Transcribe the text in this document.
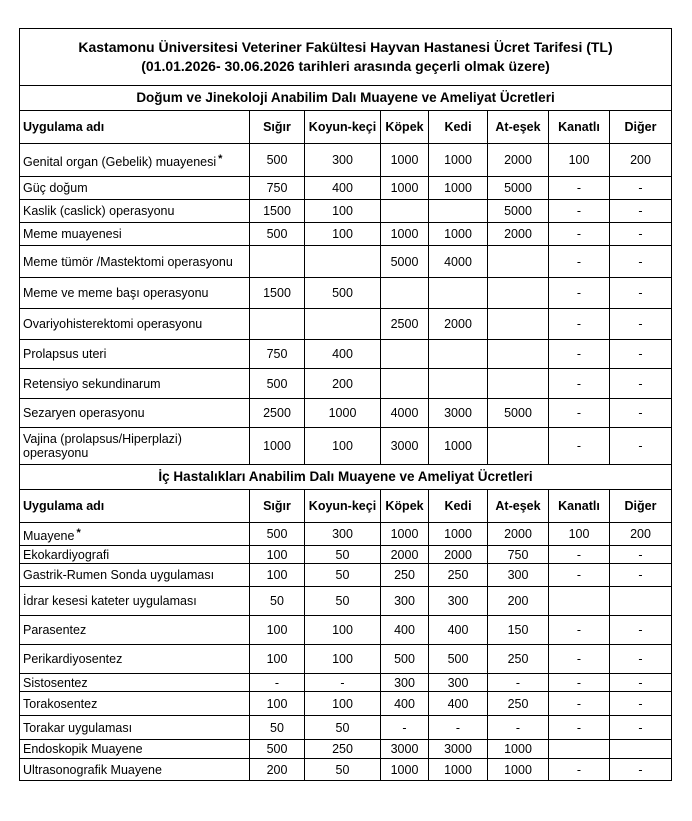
Kastamonu Üniversitesi Veteriner Fakültesi Hayvan Hastanesi Ücret Tarifesi (TL)
(01.01.2026- 30.06.2026 tarihleri arasında geçerli olmak üzere)							

Doğum ve Jinekoloji Anabilim Dalı Muayene ve Ameliyat Ücretleri							
Uygulama adı	Sığır	Koyun-keçi	Köpek	Kedi	At-eşek	Kanatlı	Diğer
Genital organ (Gebelik) muayenesi *	500	300	1000	1000	2000	100	200
Güç doğum	750	400	1000	1000	5000	-	-
Kaslik (caslick) operasyonu	1500	100			5000	-	-
Meme muayenesi	500	100	1000	1000	2000	-	-
Meme tümör /Mastektomi operasyonu			5000	4000		-	-
Meme ve meme başı operasyonu	1500	500				-	-
Ovariyohisterektomi operasyonu			2500	2000		-	-
Prolapsus uteri	750	400				-	-
Retensiyo sekundinarum	500	200				-	-
Sezaryen operasyonu	2500	1000	4000	3000	5000	-	-
Vajina (prolapsus/Hiperplazi) operasyonu	1000	100	3000	1000		-	-
İç Hastalıkları Anabilim Dalı Muayene ve Ameliyat Ücretleri							
Uygulama adı	Sığır	Koyun-keçi	Köpek	Kedi	At-eşek	Kanatlı	Diğer
Muayene *	500	300	1000	1000	2000	100	200
Ekokardiyografi	100	50	2000	2000	750	-	-
Gastrik-Rumen Sonda uygulaması	100	50	250	250	300	-	-
İdrar kesesi kateter uygulaması	50	50	300	300	200		
Parasentez	100	100	400	400	150	-	-
Perikardiyosentez	100	100	500	500	250	-	-
Sistosentez	-	-	300	300	-	-	-
Torakosentez	100	100	400	400	250	-	-
Torakar uygulaması	50	50	-	-	-	-	-
Endoskopik Muayene	500	250	3000	3000	1000		
Ultrasonografik Muayene	200	50	1000	1000	1000	-	-
